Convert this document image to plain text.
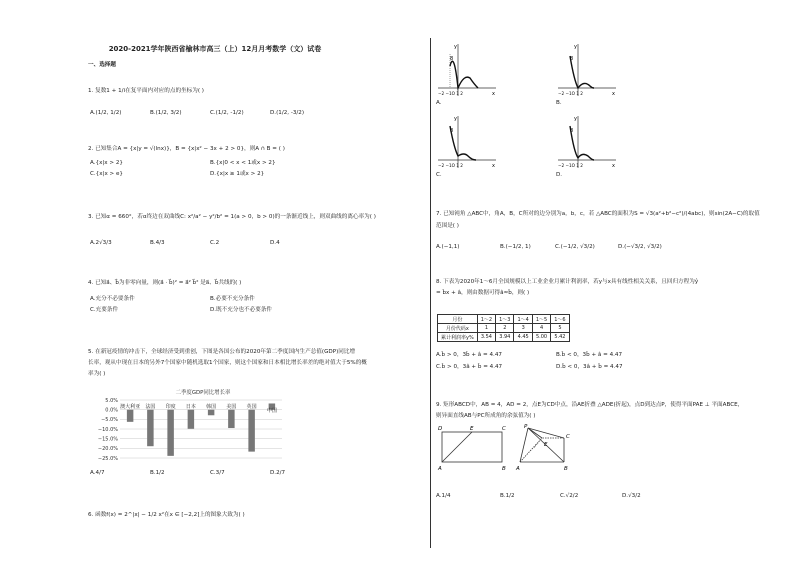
2020-2021学年陕西省榆林市高三（上）12月月考数学（文）试卷
一、选择题
1. 复数1 + 1/i在复平面内对应的点的坐标为( )
A.(1/2, 1/2)	B.(1/2, 3/2)	C.(1/2, -1/2)	D.(1/2, -3/2)
2. 已知集合A = {x|y = √(lnx)}，B = {x|x² − 3x + 2 > 0}，则A ∩ B = ( )
A.{x|x > 2}	B.{x|0 < x < 1或x > 2}
C.{x|x > e}	D.{x|x ≥ 1或x > 2}
3. 已知α = 660°，若α终边在双曲线C: x²/a² − y²/b² = 1(a > 0，b > 0)的一条渐近线上，则双曲线的离心率为( )
A.2√3/3	B.4/3	C.2	D.4
4. 已知a⃗、b⃗为非零向量，则(a⃗ · b⃗)² = a⃗² b⃗² 是a⃗、b⃗共线的( )
A.充分不必要条件	B.必要不充分条件
C.充要条件	D.既不充分也不必要条件
5. 在新冠疫情的冲击下，全球经济受到重创，下图是各国公布的2020年第二季度国内生产总值(GDP)同比增
长率，观从中现在日本的另外7个国家中随机选取1个国家，则这个国家和日本相比增长率差的绝对值大于5%的概
率为( )
二季度GDP同比增长率
5.0%
0.0%
−5.0%
−10.0%
−15.0%
−20.0%
−25.0%
澳大利亚 法国 印度 日本 韩国 美国 英国
中国
A.4/7	B.1/2	C.3/7	D.2/7
6. 函数f(x) = 2^|x| − 1/2 x²在x ∈ [−2,2]上的图象大致为( )
y
8
−2 −1O 1 2	x
A.
y
8
−2 −1O 1 2	x
B.
y
8
−2 −1O 1 2	x
C.
y
8
−2 −1O 1 2	x
D.
7. 已知钝角 △ABC中，角A，B，C所对的边分别为a，b，c，若 △ABC的面积为S = √3(a²+b²−c²)/(4abc)，则sin(2A−C)的取值
范围是( )
A.(−1,1)	B.(−1/2, 1)	C.(−1/2, √3/2)	D.(−√3/2, √3/2)
8. 下表为2020年1～6月全国规模以上工业企业月累计利润率，若y与x具有线性相关关系，且回归方程为ŷ
= b̂x + â，则由数据可得â≈b̂，则( )
月份	1～2	1～3	1～4	1～5	1～6
月份代码x	1	2	3	4	5
累计利润率y%	3.54	3.94	4.45	5.00	5.42
A.b̂ > 0，3b̂ + â = 4.47	B.b̂ < 0，3b̂ + â = 4.47
C.b̂ > 0，3â + b̂ = 4.47	D.b̂ < 0，3â + b̂ = 4.47
9. 矩形ABCD中，AB = 4，AD = 2，点E为CD中点，沿AE折叠 △ADE(折起)，点D到达点P，使得平面PAE ⊥ 平面ABCE，
则异面直线AB与PC所成角的余弦值为( )
D	E	C
A	B
P
E
C
A	B
A.1/4	B.1/2	C.√2/2	D.√3/2
